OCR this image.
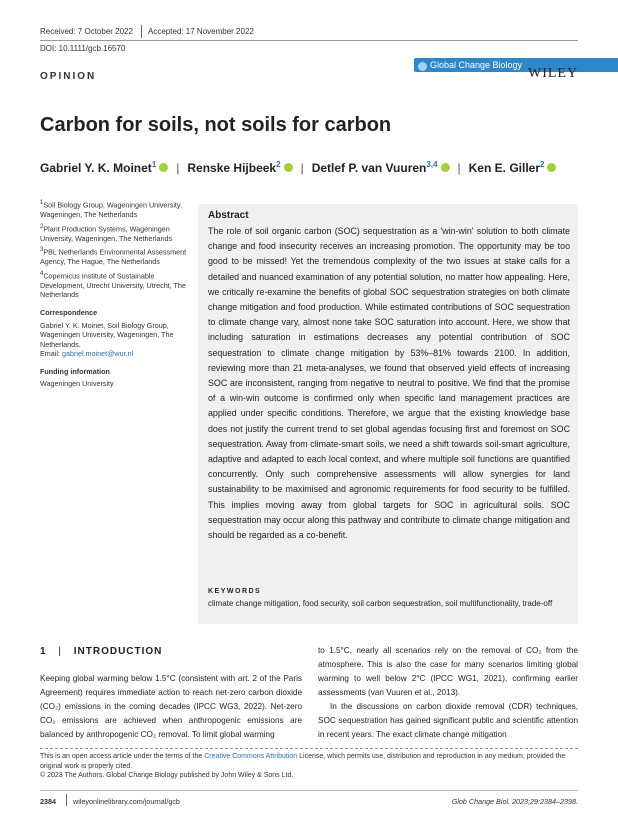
Received: 7 October 2022 Accepted: 17 November 2022
DOI: 10.1111/gcb.16570
OPINION
Global Change Biology
WILEY
Carbon for soils, not soils for carbon
Gabriel Y. K. Moinet$^1$ | Renske Hijbeek$^2$ | Detlef P. van Vuuren$^{3,4}$ | Ken E. Giller$^2$

$^1$Soil Biology Group, Wageningen University, Wageningen, The Netherlands

$^2$Plant Production Systems, Wageningen University, Wageningen, The Netherlands

$^3$PBL Netherlands Environmental Assessment Agency, The Hague, The Netherlands

$^4$Copernicus Institute of Sustainable Development, Utrecht University, Utrecht, The Netherlands

Correspondence

Gabriel Y. K. Moinet, Soil Biology Group, Wageningen University, Wageningen, The Netherlands.

Email: gabriel.moinet@wur.nl

Funding information

Wageningen University

Abstract
The role of soil organic carbon (SOC) sequestration as a 'win-win' solution to both climate change and food insecurity receives an increasing promotion. The opportunity may be too good to be missed! Yet the tremendous complexity of the two issues at stake calls for a detailed and nuanced examination of any potential solution, no matter how appealing. Here, we critically re-examine the benefits of global SOC sequestration strategies on both climate change mitigation and food production. While estimated contributions of SOC sequestration to climate change vary, almost none take SOC saturation into account. Here, we show that including saturation in estimations decreases any potential contribution of SOC sequestration to climate change mitigation by 53%–81% towards 2100. In addition, reviewing more than 21 meta-analyses, we found that observed yield effects of increasing SOC are inconsistent, ranging from negative to neutral to positive. We find that the promise of a win-win outcome is confirmed only when specific land management practices are applied under specific conditions. Therefore, we argue that the existing knowledge base does not justify the current trend to set global agendas focusing first and foremost on SOC sequestration. Away from climate-smart soils, we need a shift towards soil-smart agriculture, adaptive and adapted to each local context, and where multiple soil functions are quantified concurrently. Only such comprehensive assessments will allow synergies for land sustainability to be maximised and agronomic requirements for food security to be fulfilled. This implies moving away from global targets for SOC in agricultural soils. SOC sequestration may occur along this pathway and contribute to climate change mitigation and should be regarded as a co-benefit.
KEYWORDS
climate change mitigation, food security, soil carbon sequestration, soil multifunctionality, trade-off
1 | INTRODUCTION
Keeping global warming below 1.5°C (consistent with art. 2 of the Paris Agreement) requires immediate action to reach net-zero carbon dioxide (CO₂) emissions in the coming decades (IPCC WG3, 2022). Net-zero CO₂ emissions are achieved when anthropogenic emissions are balanced by anthropogenic CO₂ removal. To limit global warming
to 1.5°C, nearly all scenarios rely on the removal of CO₂ from the atmosphere. This is also the case for many scenarios limiting global warming to well below 2°C (IPCC WG1, 2021), confirming earlier assessments (van Vuuren et al., 2013).
In the discussions on carbon dioxide removal (CDR) techniques, SOC sequestration has gained significant public and scientific attention in recent years. The exact climate change mitigation
This is an open access article under the terms of the Creative Commons Attribution License, which permits use, distribution and reproduction in any medium, provided the original work is properly cited.
© 2023 The Authors. Global Change Biology published by John Wiley & Sons Ltd.
2384 wileyonlinelibrary.com/journal/gcb	Glob Change Biol. 2023;29:2384–2398.
